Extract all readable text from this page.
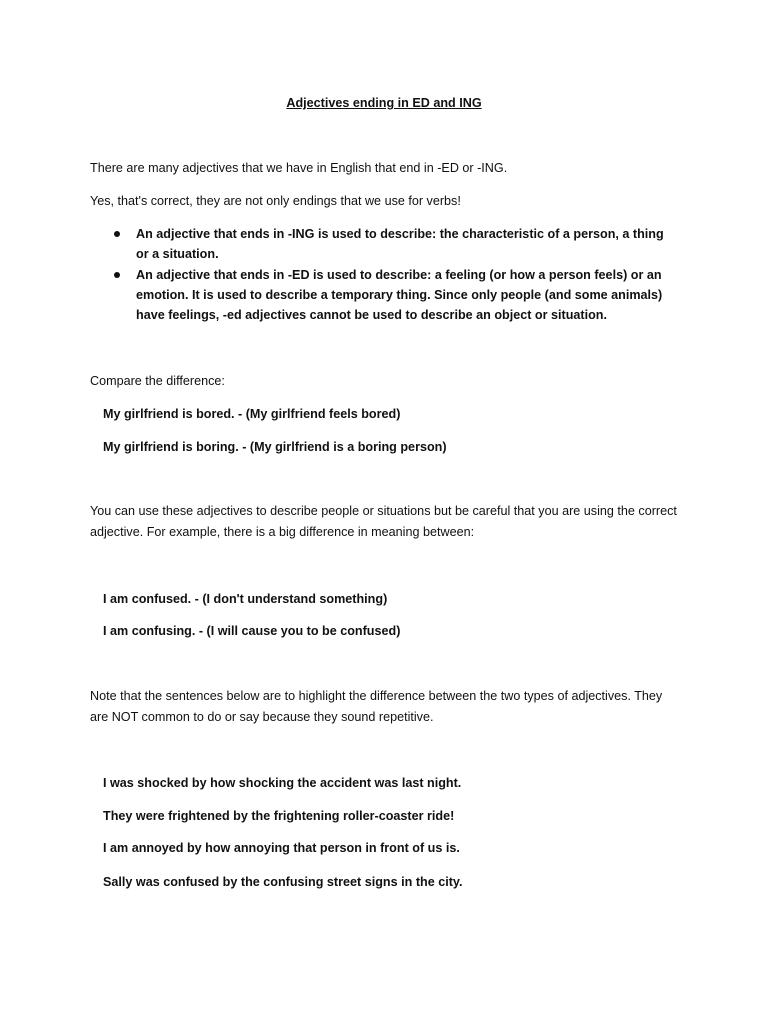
Adjectives ending in ED and ING
There are many adjectives that we have in English that end in -ED or -ING.
Yes, that's correct, they are not only endings that we use for verbs!
An adjective that ends in -ING is used to describe: the characteristic of a person, a thing or a situation.
An adjective that ends in -ED is used to describe: a feeling (or how a person feels) or an emotion. It is used to describe a temporary thing. Since only people (and some animals) have feelings, -ed adjectives cannot be used to describe an object or situation.
Compare the difference:
My girlfriend is bored. - (My girlfriend feels bored)
My girlfriend is boring. - (My girlfriend is a boring person)
You can use these adjectives to describe people or situations but be careful that you are using the correct adjective. For example, there is a big difference in meaning between:
I am confused. - (I don't understand something)
I am confusing. - (I will cause you to be confused)
Note that the sentences below are to highlight the difference between the two types of adjectives. They are NOT common to do or say because they sound repetitive.
I was shocked by how shocking the accident was last night.
They were frightened by the frightening roller-coaster ride!
I am annoyed by how annoying that person in front of us is.
Sally was confused by the confusing street signs in the city.
